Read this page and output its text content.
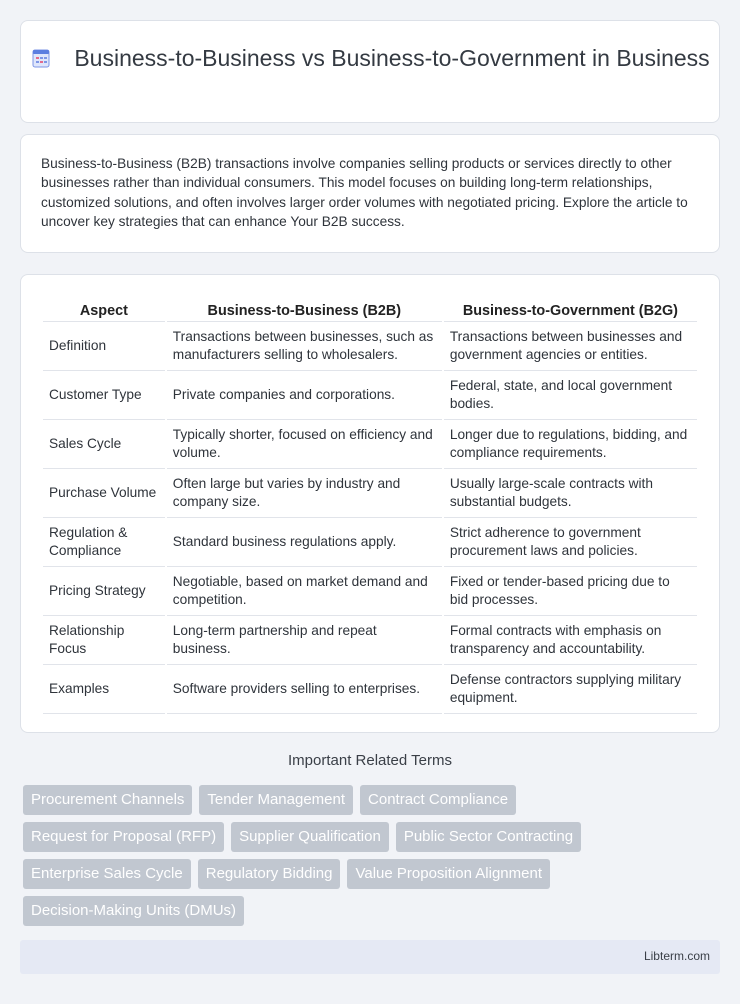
Business-to-Business vs Business-to-Government in Business

Business-to-Business (B2B) transactions involve companies selling products or services directly to other businesses rather than individual consumers. This model focuses on building long-term relationships, customized solutions, and often involves larger order volumes with negotiated pricing. Explore the article to uncover key strategies that can enhance Your B2B success.

Aspect	Business-to-Business (B2B)	Business-to-Government (B2G)
Definition	Transactions between businesses, such as manufacturers selling to wholesalers.	Transactions between businesses and government agencies or entities.
Customer Type	Private companies and corporations.	Federal, state, and local government bodies.
Sales Cycle	Typically shorter, focused on efficiency and volume.	Longer due to regulations, bidding, and compliance requirements.
Purchase Volume	Often large but varies by industry and company size.	Usually large-scale contracts with substantial budgets.
Regulation & Compliance	Standard business regulations apply.	Strict adherence to government procurement laws and policies.
Pricing Strategy	Negotiable, based on market demand and competition.	Fixed or tender-based pricing due to bid processes.
Relationship Focus	Long-term partnership and repeat business.	Formal contracts with emphasis on transparency and accountability.
Examples	Software providers selling to enterprises.	Defense contractors supplying military equipment.
Important Related Terms
Procurement Channels	Tender Management	Contract Compliance
Request for Proposal (RFP)	Supplier Qualification	Public Sector Contracting
Enterprise Sales Cycle	Regulatory Bidding	Value Proposition Alignment
Decision-Making Units (DMUs)
Libterm.com
